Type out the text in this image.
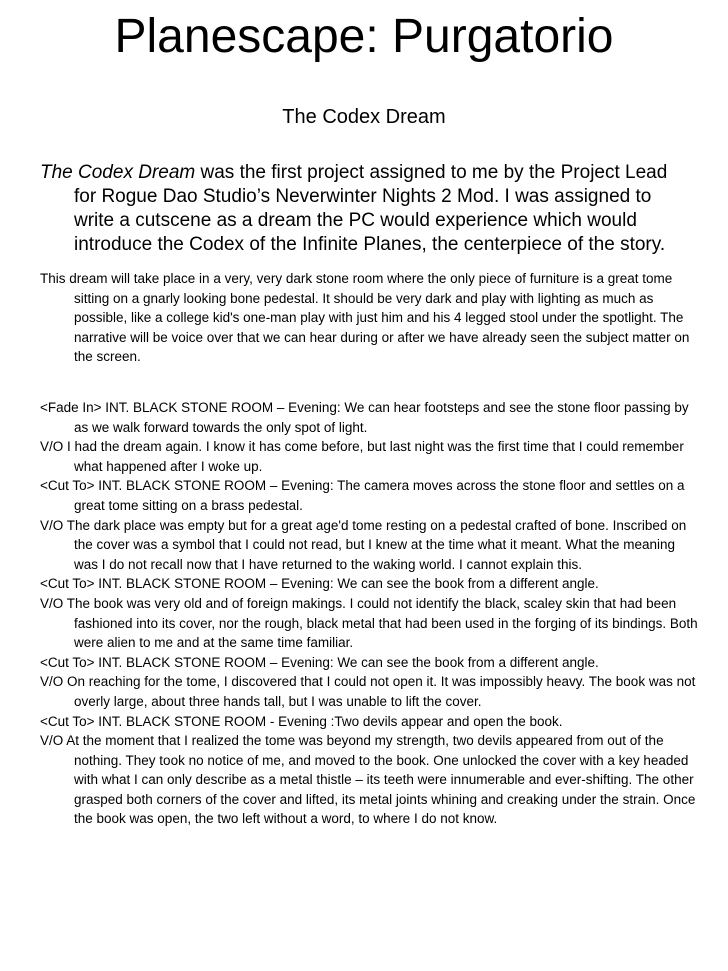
Planescape: Purgatorio
The Codex Dream

The Codex Dream was the first project assigned to me by the Project Lead for Rogue Dao Studio’s Neverwinter Nights 2 Mod. I was assigned to write a cutscene as a dream the PC would experience which would introduce the Codex of the Infinite Planes, the centerpiece of the story.

This dream will take place in a very, very dark stone room where the only piece of furniture is a great tome sitting on a gnarly looking bone pedestal. It should be very dark and play with lighting as much as possible, like a college kid's one-man play with just him and his 4 legged stool under the spotlight. The narrative will be voice over that we can hear during or after we have already seen the subject matter on the screen.

<Fade In> INT. BLACK STONE ROOM – Evening: We can hear footsteps and see the stone floor passing by as we walk forward towards the only spot of light.

V/O I had the dream again. I know it has come before, but last night was the first time that I could remember what happened after I woke up.

<Cut To> INT. BLACK STONE ROOM – Evening: The camera moves across the stone floor and settles on a great tome sitting on a brass pedestal.

V/O The dark place was empty but for a great age'd tome resting on a pedestal crafted of bone. Inscribed on the cover was a symbol that I could not read, but I knew at the time what it meant. What the meaning was I do not recall now that I have returned to the waking world. I cannot explain this.

<Cut To> INT. BLACK STONE ROOM – Evening: We can see the book from a different angle.

V/O The book was very old and of foreign makings. I could not identify the black, scaley skin that had been fashioned into its cover, nor the rough, black metal that had been used in the forging of its bindings. Both were alien to me and at the same time familiar.

<Cut To> INT. BLACK STONE ROOM – Evening: We can see the book from a different angle.

V/O On reaching for the tome, I discovered that I could not open it. It was impossibly heavy. The book was not overly large, about three hands tall, but I was unable to lift the cover.

<Cut To> INT. BLACK STONE ROOM - Evening :Two devils appear and open the book.

V/O At the moment that I realized the tome was beyond my strength, two devils appeared from out of the nothing. They took no notice of me, and moved to the book. One unlocked the cover with a key headed with what I can only describe as a metal thistle – its teeth were innumerable and ever-shifting. The other grasped both corners of the cover and lifted, its metal joints whining and creaking under the strain. Once the book was open, the two left without a word, to where I do not know.
